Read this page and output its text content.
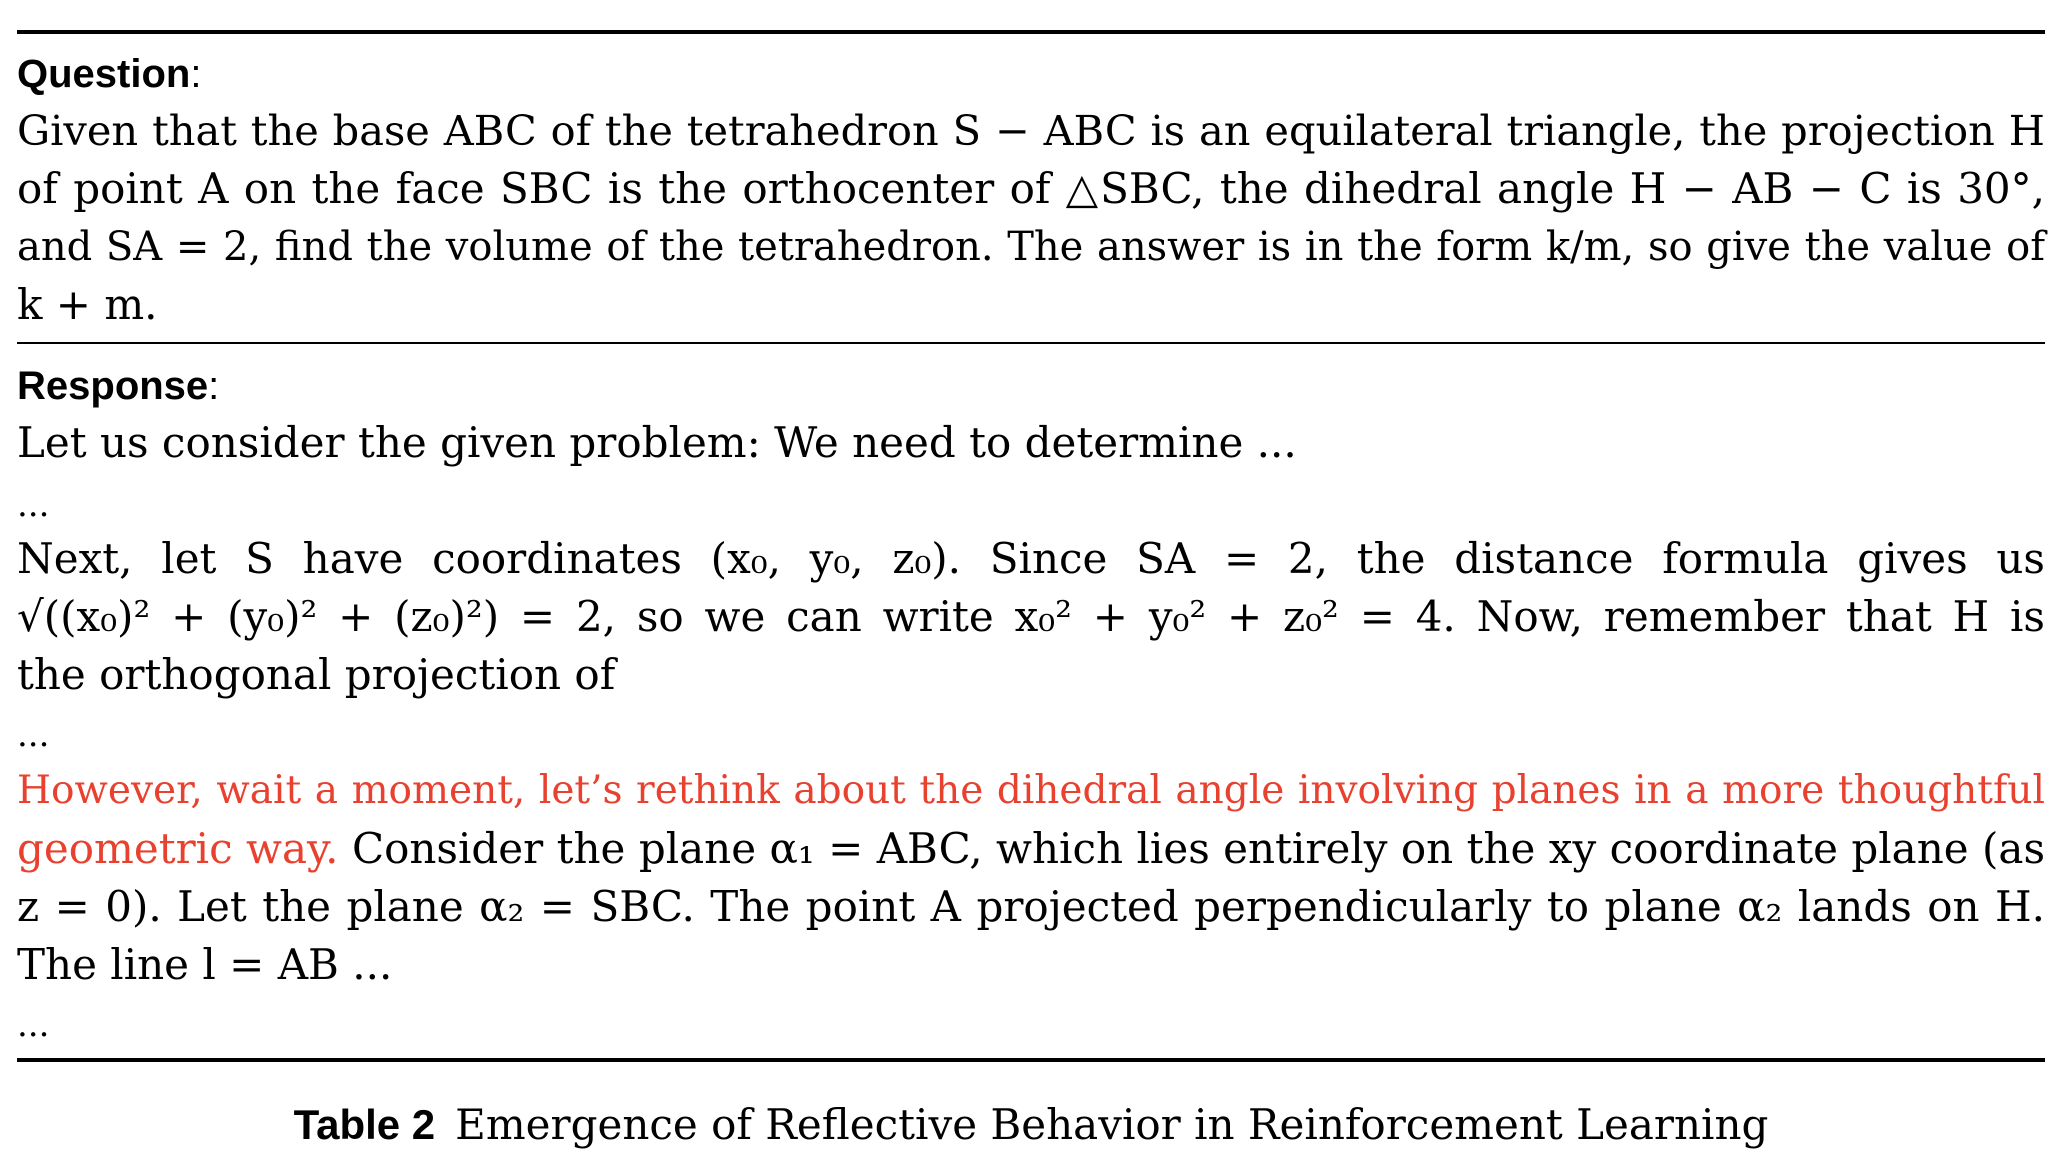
Question:
Given that the base ABC of the tetrahedron S − ABC is an equilateral triangle, the projection H
of point A on the face SBC is the orthocenter of △SBC, the dihedral angle H − AB − C is 30°,
and SA = 2, find the volume of the tetrahedron. The answer is in the form k/m, so give the value of
k + m.
Response:
Let us consider the given problem: We need to determine ...
...
Next, let S have coordinates (x₀, y₀, z₀). Since SA = 2, the distance formula gives us
√((x₀)² + (y₀)² + (z₀)²) = 2, so we can write x₀² + y₀² + z₀² = 4. Now, remember that H is
the orthogonal projection of
...
However, wait a moment, let’s rethink about the dihedral angle involving planes in a more thoughtful
geometric way. Consider the plane α₁ = ABC, which lies entirely on the xy coordinate plane (as
z = 0). Let the plane α₂ = SBC. The point A projected perpendicularly to plane α₂ lands on H.
The line l = AB ...
...
Table 2 Emergence of Reflective Behavior in Reinforcement Learning
